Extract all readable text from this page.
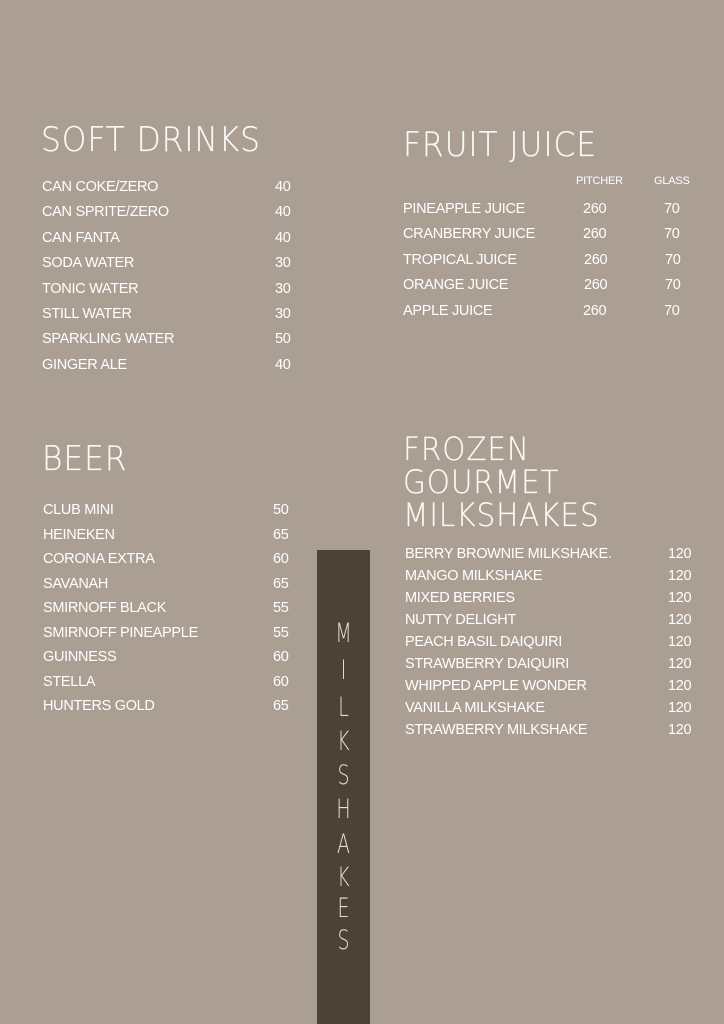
SOFT DRINKS
CAN COKE/ZERO	40
CAN SPRITE/ZERO	40
CAN FANTA	40
SODA WATER	30
TONIC WATER	30
STILL WATER	30
SPARKLING WATER	50
GINGER ALE	40
FRUIT JUICE
PITCHER	GLASS
PINEAPPLE JUICE	260	70
CRANBERRY JUICE	260	70
TROPICAL JUICE	260	70
ORANGE JUICE	260	70
APPLE JUICE	260	70
BEER
CLUB MINI	50
HEINEKEN	65
CORONA EXTRA	60
SAVANAH	65
SMIRNOFF BLACK	55
SMIRNOFF PINEAPPLE	55
GUINNESS	60
STELLA	60
HUNTERS GOLD	65
FROZEN
GOURMET
MILKSHAKES
BERRY BROWNIE MILKSHAKE.	120
MANGO MILKSHAKE	120
MIXED BERRIES	120
NUTTY DELIGHT	120
PEACH BASIL DAIQUIRI	120
STRAWBERRY DAIQUIRI	120
WHIPPED APPLE WONDER	120
VANILLA MILKSHAKE	120
STRAWBERRY MILKSHAKE	120
M
I
L
K
S
H
A
K
E
S
